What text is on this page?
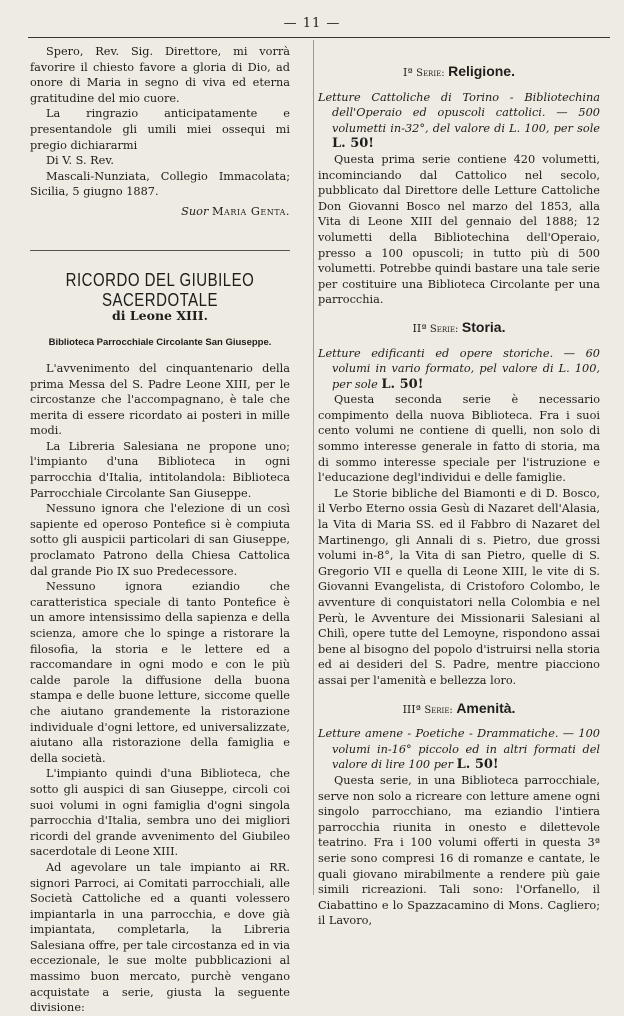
— 11 —

Spero, Rev. Sig. Direttore, mi vorrà favorire il chiesto favore a gloria di Dio, ad onore di Maria in segno di viva ed eterna gratitudine del mio cuore.

La ringrazio anticipatamente e presentandole gli umili miei ossequi mi pregio dichiararmi

Di V. S. Rev.

Mascali-Nunziata, Collegio Immacolata; Sicilia, 5 giugno 1887.

Suor Maria Genta.
RICORDO DEL GIUBILEO SACERDOTALE
di Leone XIII.
Biblioteca Parrocchiale Circolante San Giuseppe.

L'avvenimento del cinquantenario della prima Messa del S. Padre Leone XIII, per le circostanze che l'accompagnano, è tale che merita di essere ricordato ai posteri in mille modi.

La Libreria Salesiana ne propone uno; l'impianto d'una Biblioteca in ogni parrocchia d'Italia, intitolandola: Biblioteca Parrocchiale Circolante San Giuseppe.

Nessuno ignora che l'elezione di un così sapiente ed operoso Pontefice si è compiuta sotto gli auspicii particolari di san Giuseppe, proclamato Patrono della Chiesa Cattolica dal grande Pio IX suo Predecessore.

Nessuno ignora eziandio che caratteristica speciale di tanto Pontefice è un amore intensissimo della sapienza e della scienza, amore che lo spinge a ristorare la filosofia, la storia e le lettere ed a raccomandare in ogni modo e con le più calde parole la diffusione della buona stampa e delle buone letture, siccome quelle che aiutano grandemente la ristorazione individuale d'ogni lettore, ed universalizzate, aiutano alla ristorazione della famiglia e della società.

L'impianto quindi d'una Biblioteca, che sotto gli auspici di san Giuseppe, circoli coi suoi volumi in ogni famiglia d'ogni singola parrocchia d'Italia, sembra uno dei migliori ricordi del grande avvenimento del Giubileo sacerdotale di Leone XIII.

Ad agevolare un tale impianto ai RR. signori Parroci, ai Comitati parrocchiali, alle Società Cattoliche ed a quanti volessero impiantarla in una parrocchia, e dove già impiantata, completarla, la Libreria Salesiana offre, per tale circostanza ed in via eccezionale, le sue molte pubblicazioni al massimo buon mercato, purchè vengano acquistate a serie, giusta la seguente divisione:

Iª Serie: Religione.

Letture Cattoliche di Torino - Bibliotechina dell'Operaio ed opuscoli cattolici. — 500 volumetti in-32°, del valore di L. 100, per sole L. 50!

Questa prima serie contiene 420 volumetti, incominciando dal Cattolico nel secolo, pubblicato dal Direttore delle Letture Cattoliche Don Giovanni Bosco nel marzo del 1853, alla Vita di Leone XIII del gennaio del 1888; 12 volumetti della Bibliotechina dell'Operaio, presso a 100 opuscoli; in tutto più di 500 volumetti. Potrebbe quindi bastare una tale serie per costituire una Biblioteca Circolante per una parrocchia.

IIª Serie: Storia.

Letture edificanti ed opere storiche. — 60 volumi in vario formato, pel valore di L. 100, per sole L. 50!

Questa seconda serie è necessario compimento della nuova Biblioteca. Fra i suoi cento volumi ne contiene di quelli, non solo di sommo interesse generale in fatto di storia, ma di sommo interesse speciale per l'istruzione e l'educazione degl'individui e delle famiglie.

Le Storie bibliche del Biamonti e di D. Bosco, il Verbo Eterno ossia Gesù di Nazaret dell'Alasia, la Vita di Maria SS. ed il Fabbro di Nazaret del Martinengo, gli Annali di s. Pietro, due grossi volumi in-8°, la Vita di san Pietro, quelle di S. Gregorio VII e quella di Leone XIII, le vite di S. Giovanni Evangelista, di Cristoforo Colombo, le avventure di conquistatori nella Colombia e nel Perù, le Avventure dei Missionarii Salesiani al Chilì, opere tutte del Lemoyne, rispondono assai bene al bisogno del popolo d'istruirsi nella storia ed ai desideri del S. Padre, mentre piacciono assai per l'amenità e bellezza loro.

IIIª Serie: Amenità.

Letture amene - Poetiche - Drammatiche. — 100 volumi in-16° piccolo ed in altri formati del valore di lire 100 per L. 50!

Questa serie, in una Biblioteca parrocchiale, serve non solo a ricreare con letture amene ogni singolo parrocchiano, ma eziandio l'intiera parrocchia riunita in onesto e dilettevole teatrino. Fra i 100 volumi offerti in questa 3ª serie sono compresi 16 di romanze e cantate, le quali giovano mirabilmente a rendere più gaie simili ricreazioni. Tali sono: l'Orfanello, il Ciabattino e lo Spazzacamino di Mons. Cagliero; il Lavoro,
